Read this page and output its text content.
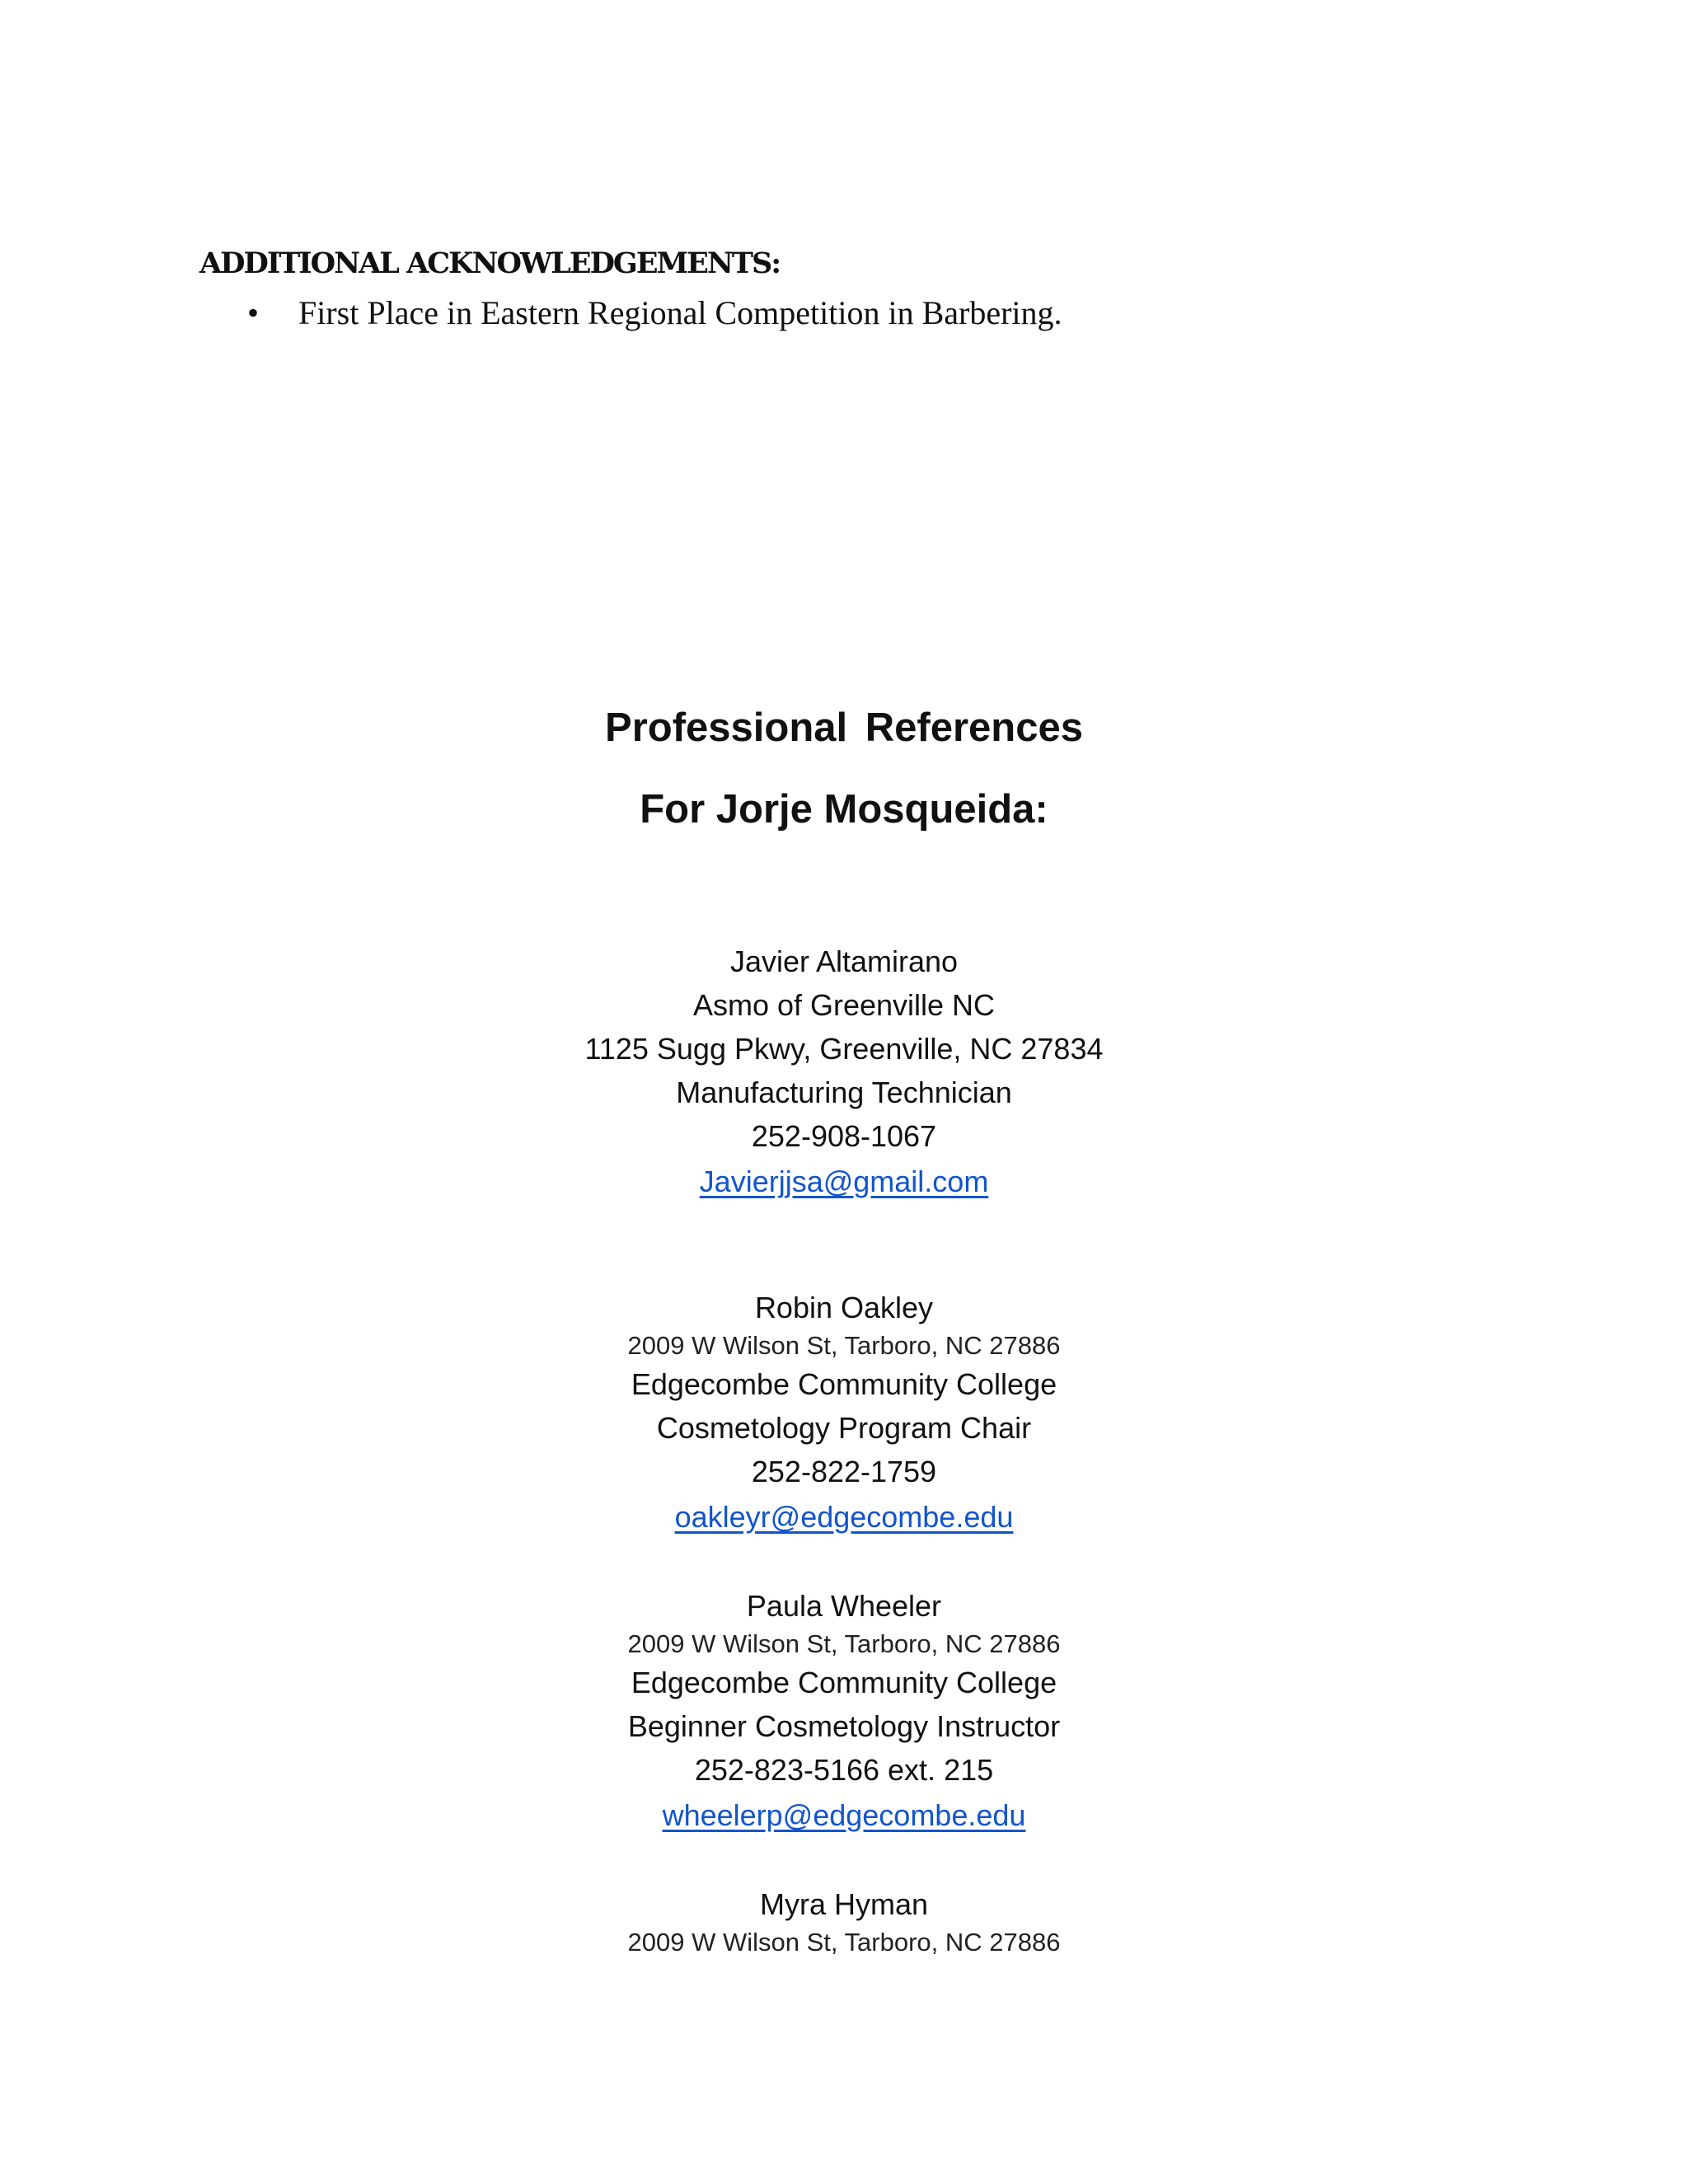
ADDITIONAL ACKNOWLEDGEMENTS:
• First Place in Eastern Regional Competition in Barbering.
Professional References
For Jorje Mosqueida:
Javier Altamirano
Asmo of Greenville NC
1125 Sugg Pkwy, Greenville, NC 27834
Manufacturing Technician
252-908-1067
Javierjjsa@gmail.com
Robin Oakley
2009 W Wilson St, Tarboro, NC 27886
Edgecombe Community College
Cosmetology Program Chair
252-822-1759
oakleyr@edgecombe.edu
Paula Wheeler
2009 W Wilson St, Tarboro, NC 27886
Edgecombe Community College
Beginner Cosmetology Instructor
252-823-5166 ext. 215
wheelerp@edgecombe.edu
Myra Hyman
2009 W Wilson St, Tarboro, NC 27886
